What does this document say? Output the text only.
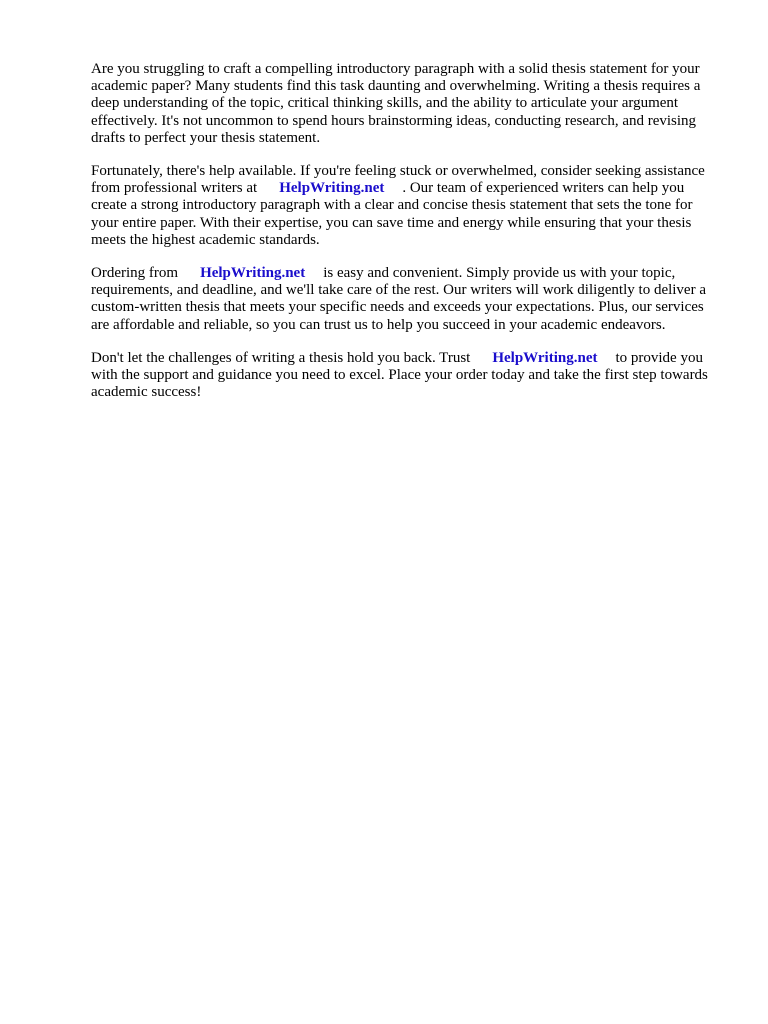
Are you struggling to craft a compelling introductory paragraph with a solid thesis statement for your academic paper? Many students find this task daunting and overwhelming. Writing a thesis requires a deep understanding of the topic, critical thinking skills, and the ability to articulate your argument effectively. It's not uncommon to spend hours brainstorming ideas, conducting research, and revising drafts to perfect your thesis statement.

Fortunately, there's help available. If you're feeling stuck or overwhelmed, consider seeking assistance from professional writers at HelpWriting.net . Our team of experienced writers can help you create a strong introductory paragraph with a clear and concise thesis statement that sets the tone for your entire paper. With their expertise, you can save time and energy while ensuring that your thesis meets the highest academic standards.

Ordering from HelpWriting.net is easy and convenient. Simply provide us with your topic, requirements, and deadline, and we'll take care of the rest. Our writers will work diligently to deliver a custom-written thesis that meets your specific needs and exceeds your expectations. Plus, our services are affordable and reliable, so you can trust us to help you succeed in your academic endeavors.

Don't let the challenges of writing a thesis hold you back. Trust HelpWriting.net to provide you with the support and guidance you need to excel. Place your order today and take the first step towards academic success!
